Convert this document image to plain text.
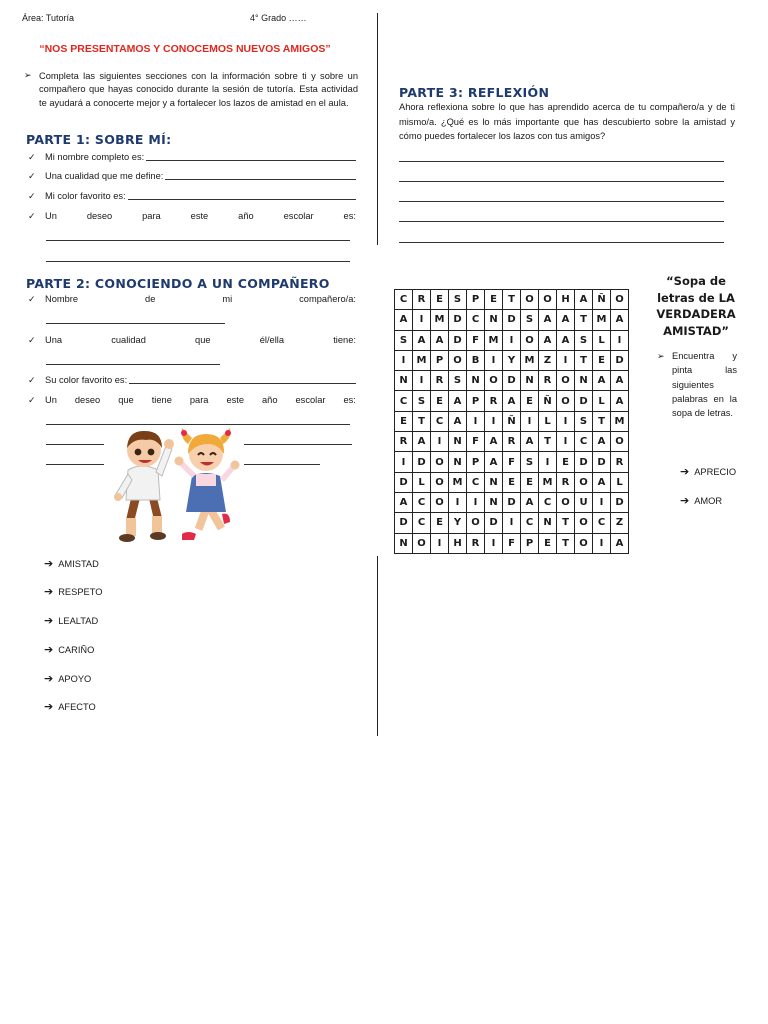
Área: Tutoría	4° Grado ……
“NOS PRESENTAMOS Y CONOCEMOS NUEVOS AMIGOS”
➢ Completa las siguientes secciones con la información sobre ti y sobre un compañero que hayas conocido durante la sesión de tutoría. Esta actividad te ayudará a conocerte mejor y a fortalecer los lazos de amistad en el aula.

PARTE 1: SOBRE MÍ:
✓	Mi nombre completo es:
✓	Una cualidad que me define:
✓	Mi color favorito es:
✓	Un	deseo	para	este	año	escolar	es:
PARTE 2: CONOCIENDO A UN COMPAÑERO
✓	Nombre	de	mi	compañero/a:
✓	Una	cualidad	que	él/ella	tiene:
✓	Su color favorito es:
✓	Un deseo que tiene para este año escolar es:
➔ AMISTAD
➔ RESPETO
➔ LEALTAD
➔ CARIÑO
➔ APOYO
➔ AFECTO
PARTE 3: REFLEXIÓN
Ahora reflexiona sobre lo que has aprendido acerca de tu compañero/a y de ti mismo/a. ¿Qué es lo más importante que has descubierto sobre la amistad y cómo puedes fortalecer los lazos con tus amigos?
C	R	E	S	P	E	T	O	O	H	A	Ñ	O
A	I	M	D	C	N	D	S	A	A	T	M	A
S	A	A	D	F	M	I	O	A	A	S	L	I
I	M	P	O	B	I	Y	M	Z	I	T	E	D
N	I	R	S	N	O	D	N	R	O	N	A	A
C	S	E	A	P	R	A	E	Ñ	O	D	L	A
E	T	C	A	I	I	Ñ	I	L	I	S	T	M
R	A	I	N	F	A	R	A	T	I	C	A	O
I	D	O	N	P	A	F	S	I	E	D	D	R
D	L	O	M	C	N	E	E	M	R	O	A	L
A	C	O	I	I	N	D	A	C	O	U	I	D
D	C	E	Y	O	D	I	C	N	T	O	C	Z
N	O	I	H	R	I	F	P	E	T	O	I	A
“Sopa de letras de LA VERDADERA AMISTAD”
➢ Encuentra y pinta las siguientes palabras en la sopa de letras.

➔ APRECIO
➔ AMOR
